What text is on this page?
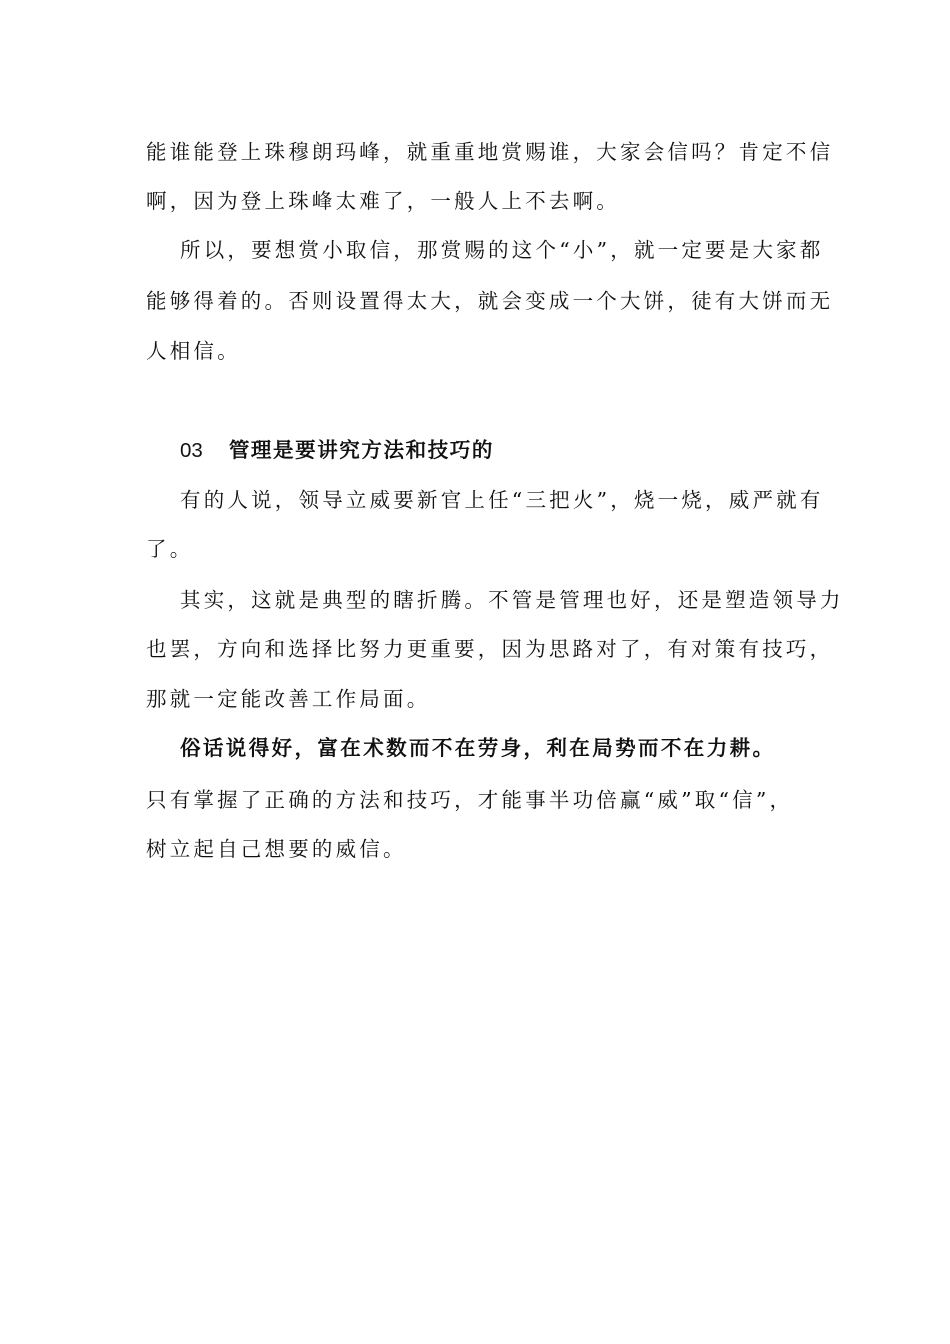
能谁能登上珠穆朗玛峰，就重重地赏赐谁，大家会信吗？肯定不信
啊，因为登上珠峰太难了，一般人上不去啊。
所以，要想赏小取信，那赏赐的这个“小”，就一定要是大家都
能够得着的。否则设置得太大，就会变成一个大饼，徒有大饼而无
人相信。
03 管理是要讲究方法和技巧的
有的人说，领导立威要新官上任“三把火”，烧一烧，威严就有
了。
其实，这就是典型的瞎折腾。不管是管理也好，还是塑造领导力
也罢，方向和选择比努力更重要，因为思路对了，有对策有技巧，
那就一定能改善工作局面。
俗话说得好，富在术数而不在劳身，利在局势而不在力耕。
只有掌握了正确的方法和技巧，才能事半功倍赢“威”取“信”，
树立起自己想要的威信。
